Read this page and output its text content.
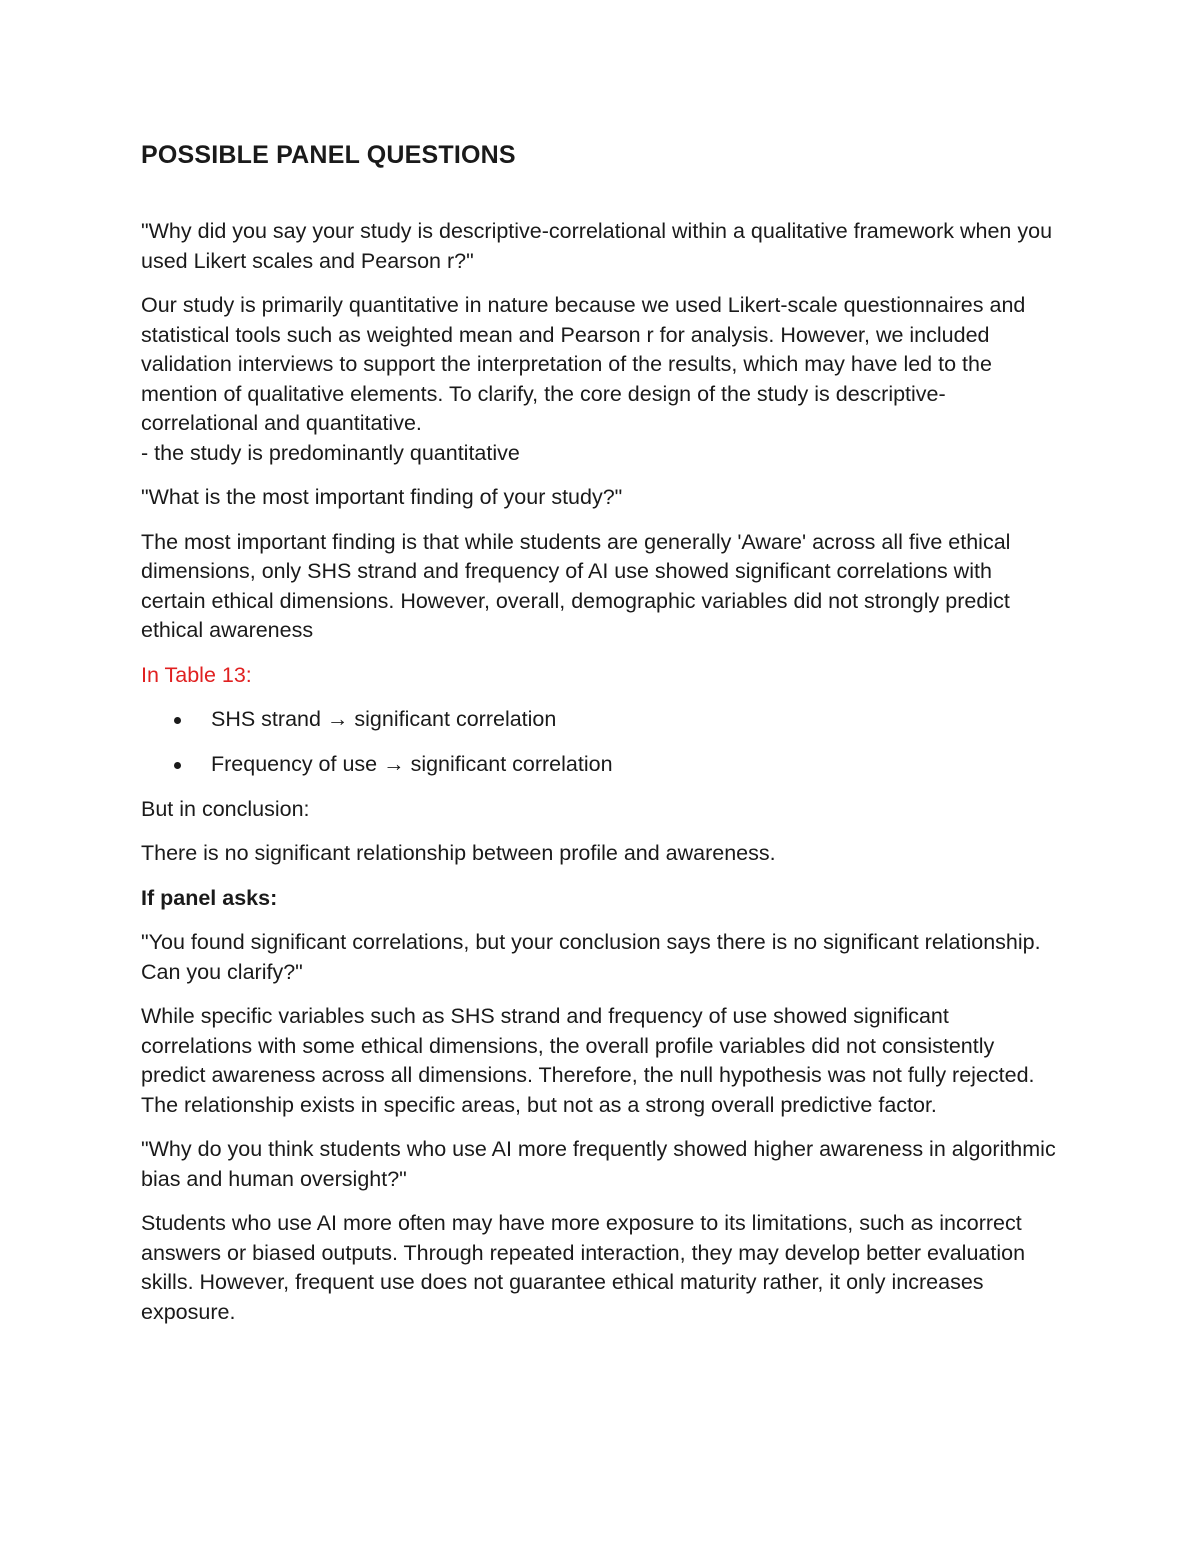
POSSIBLE PANEL QUESTIONS

"Why did you say your study is descriptive-correlational within a qualitative framework when you used Likert scales and Pearson r?"

Our study is primarily quantitative in nature because we used Likert-scale questionnaires and statistical tools such as weighted mean and Pearson r for analysis. However, we included validation interviews to support the interpretation of the results, which may have led to the mention of qualitative elements. To clarify, the core design of the study is descriptive-correlational and quantitative.

- the study is predominantly quantitative

"What is the most important finding of your study?"

The most important finding is that while students are generally 'Aware' across all five ethical dimensions, only SHS strand and frequency of AI use showed significant correlations with certain ethical dimensions. However, overall, demographic variables did not strongly predict ethical awareness

In Table 13:

SHS strand → significant correlation
Frequency of use → significant correlation

But in conclusion:

There is no significant relationship between profile and awareness.

If panel asks:

"You found significant correlations, but your conclusion says there is no significant relationship. Can you clarify?"

While specific variables such as SHS strand and frequency of use showed significant correlations with some ethical dimensions, the overall profile variables did not consistently predict awareness across all dimensions. Therefore, the null hypothesis was not fully rejected. The relationship exists in specific areas, but not as a strong overall predictive factor.

"Why do you think students who use AI more frequently showed higher awareness in algorithmic bias and human oversight?"

Students who use AI more often may have more exposure to its limitations, such as incorrect answers or biased outputs. Through repeated interaction, they may develop better evaluation skills. However, frequent use does not guarantee ethical maturity rather, it only increases exposure.
